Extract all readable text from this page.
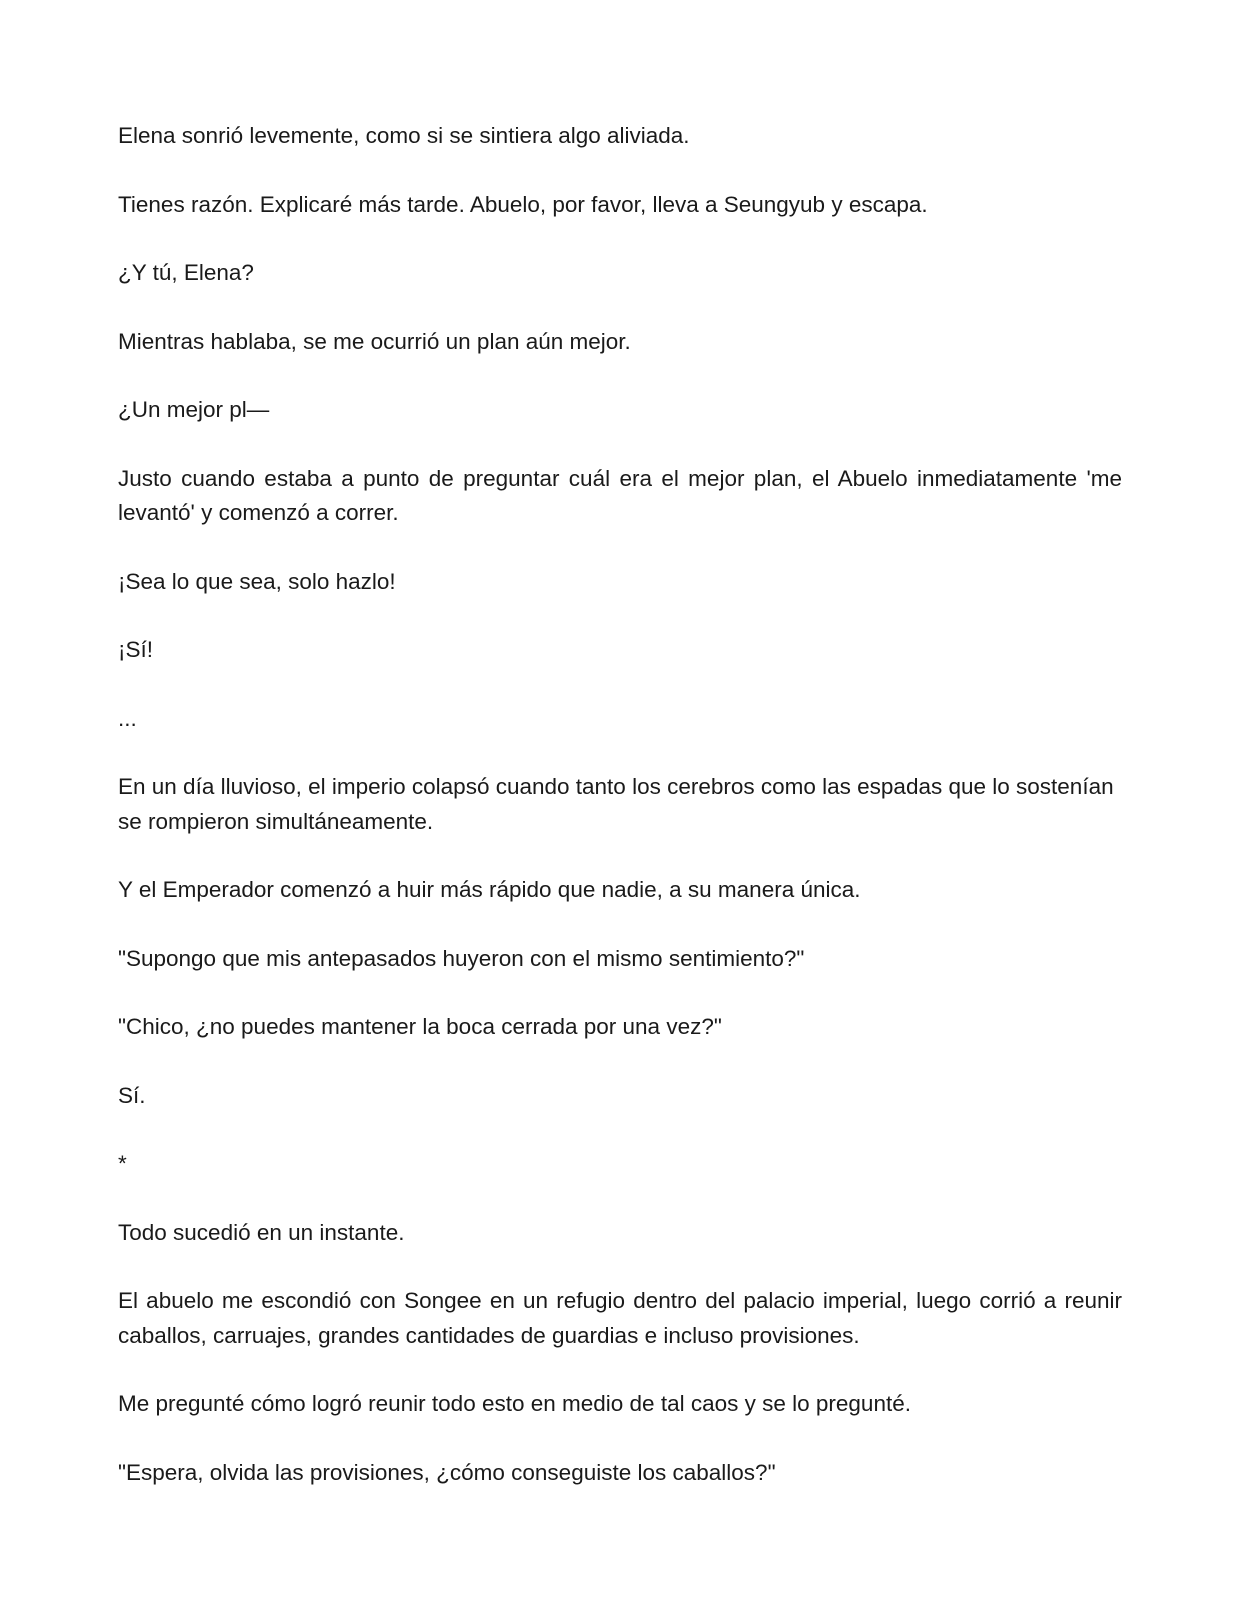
Elena sonrió levemente, como si se sintiera algo aliviada.

Tienes razón. Explicaré más tarde. Abuelo, por favor, lleva a Seungyub y escapa.

¿Y tú, Elena?

Mientras hablaba, se me ocurrió un plan aún mejor.

¿Un mejor pl—

Justo cuando estaba a punto de preguntar cuál era el mejor plan, el Abuelo inmediatamente 'me levantó' y comenzó a correr.

¡Sea lo que sea, solo hazlo!

¡Sí!

...

En un día lluvioso, el imperio colapsó cuando tanto los cerebros como las espadas que lo sostenían se rompieron simultáneamente.

Y el Emperador comenzó a huir más rápido que nadie, a su manera única.

"Supongo que mis antepasados huyeron con el mismo sentimiento?"

"Chico, ¿no puedes mantener la boca cerrada por una vez?"

Sí.

*

Todo sucedió en un instante.

El abuelo me escondió con Songee en un refugio dentro del palacio imperial, luego corrió a reunir caballos, carruajes, grandes cantidades de guardias e incluso provisiones.

Me pregunté cómo logró reunir todo esto en medio de tal caos y se lo pregunté.

"Espera, olvida las provisiones, ¿cómo conseguiste los caballos?"
